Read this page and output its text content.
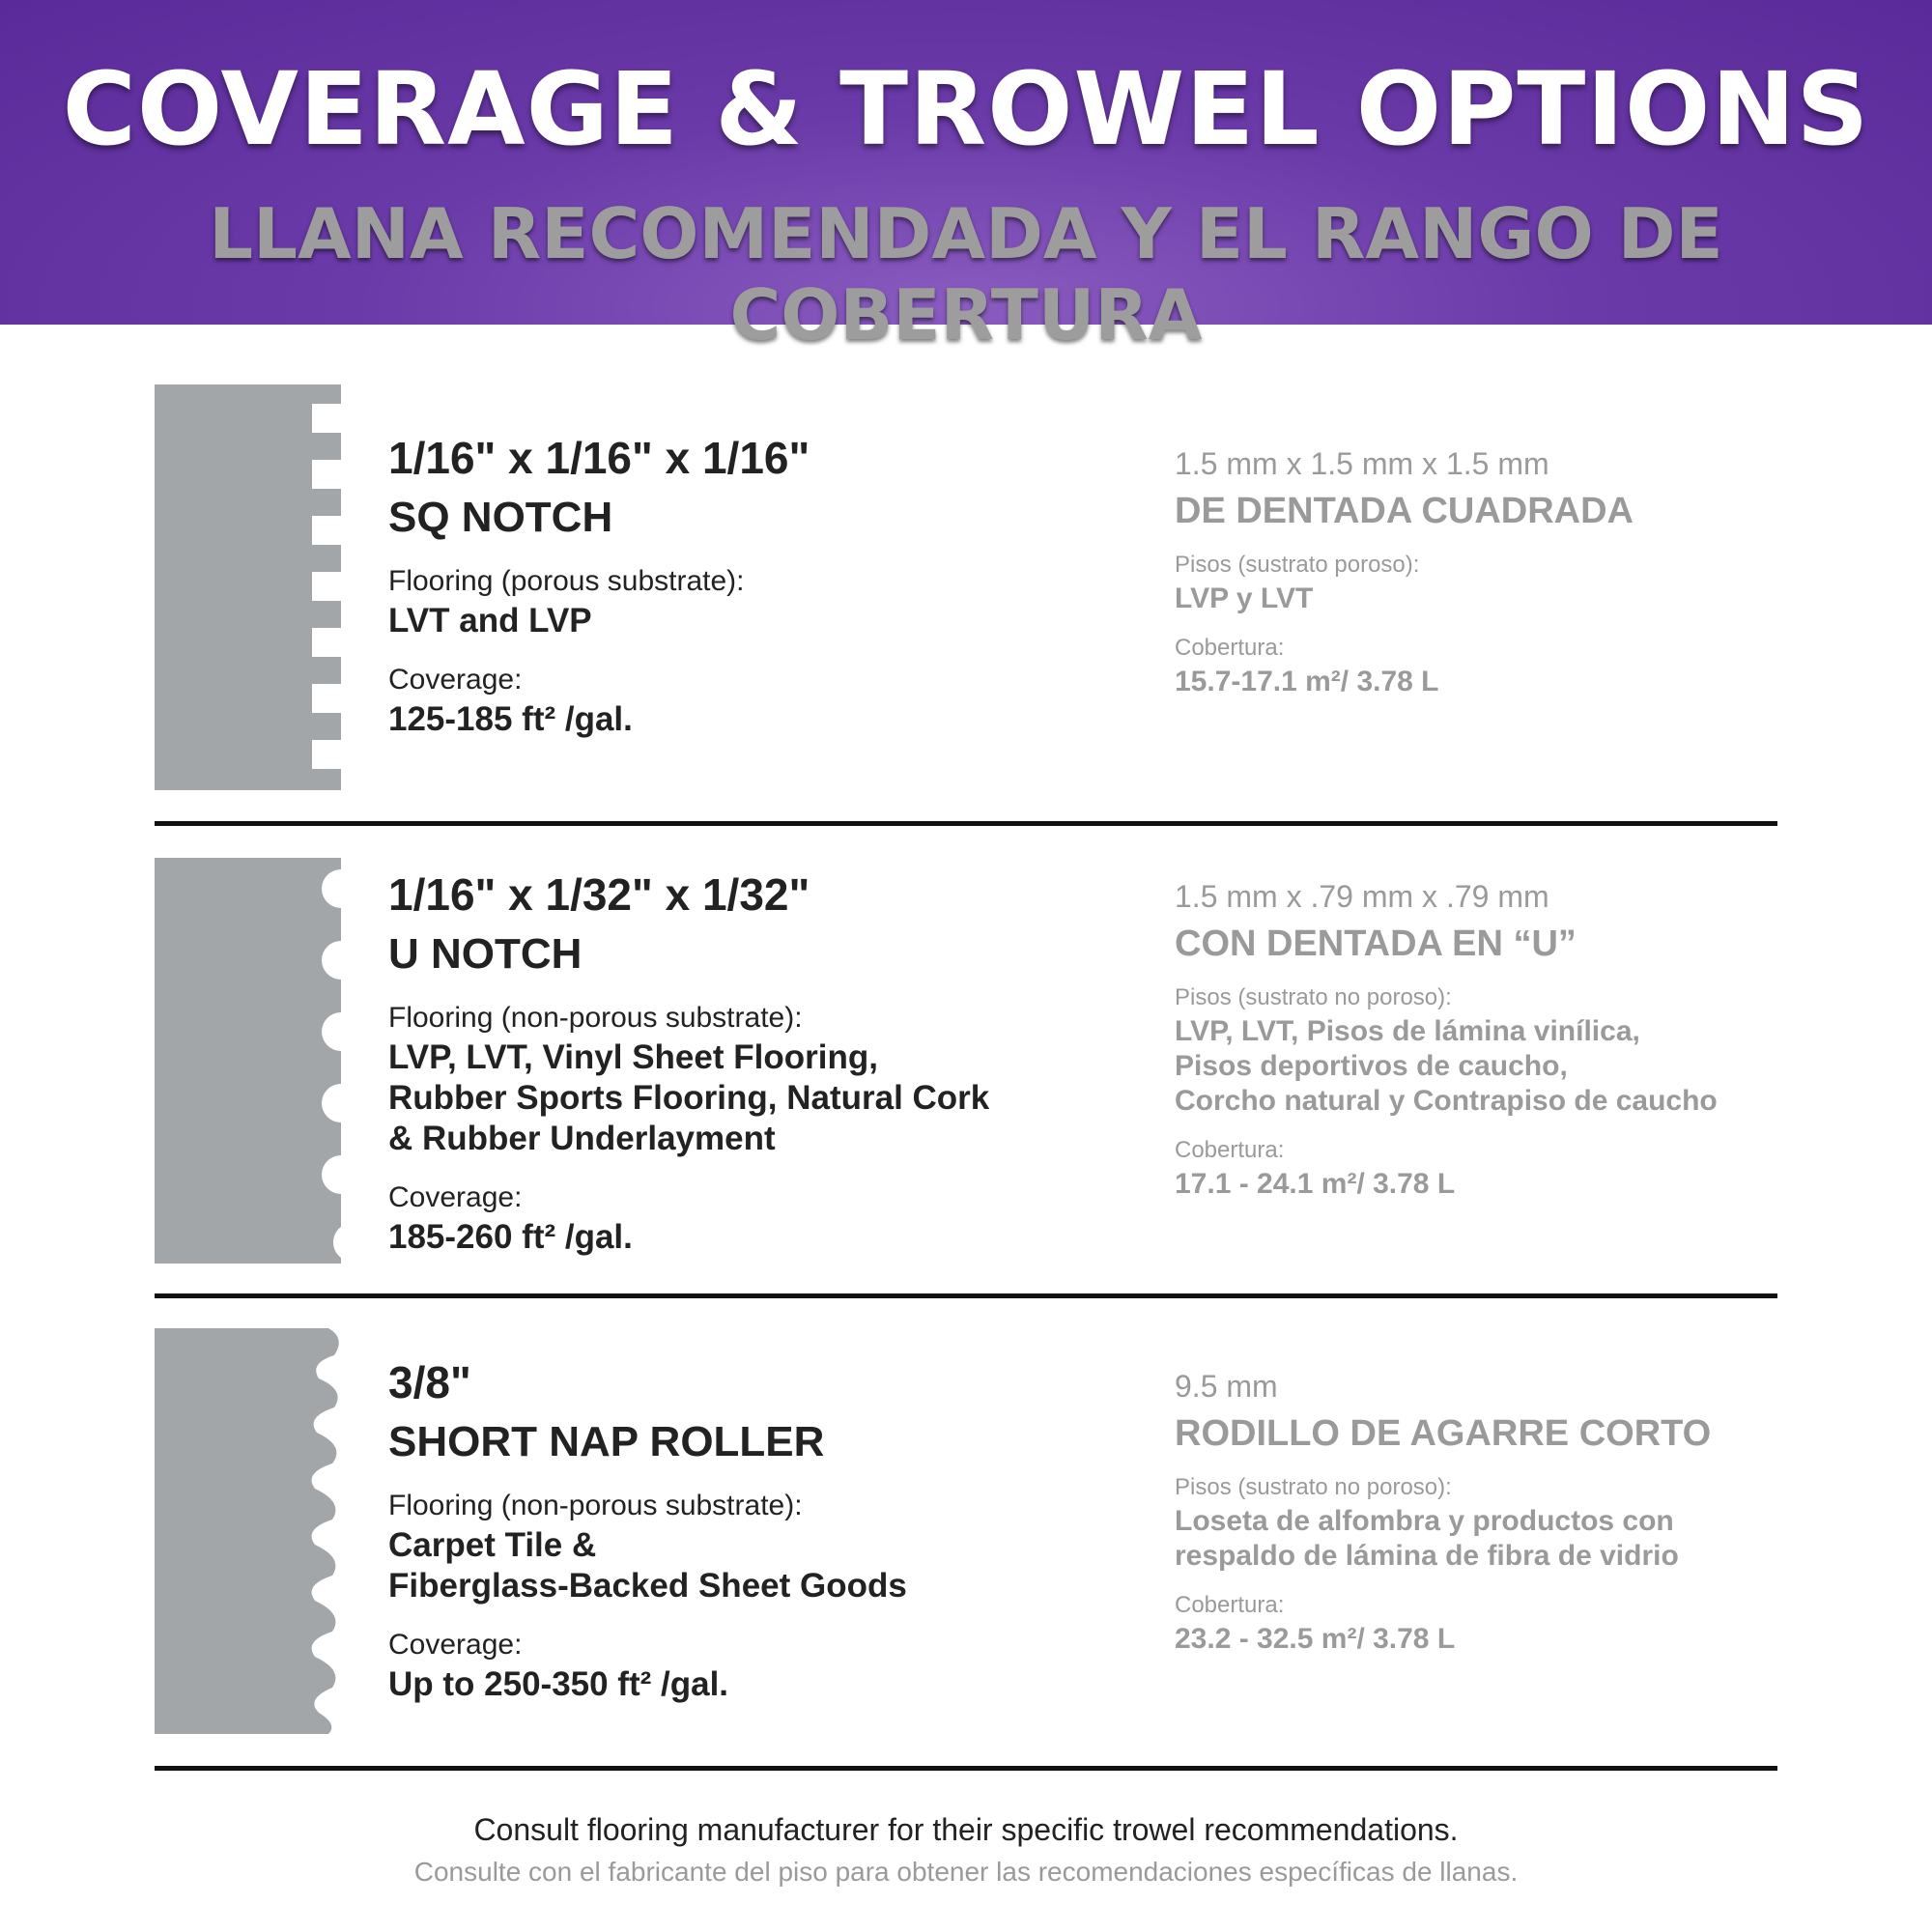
COVERAGE & TROWEL OPTIONS
LLANA RECOMENDADA Y EL RANGO DE COBERTURA
1/16" x 1/16" x 1/16"
SQ NOTCH
Flooring (porous substrate):
LVT and LVP
Coverage:
125-185 ft² /gal.
1.5 mm x 1.5 mm x 1.5 mm
DE DENTADA CUADRADA
Pisos (sustrato poroso):
LVP y LVT
Cobertura:
15.7-17.1 m²/ 3.78 L
1/16" x 1/32" x 1/32"
U NOTCH
Flooring (non-porous substrate):
LVP, LVT, Vinyl Sheet Flooring,
Rubber Sports Flooring, Natural Cork
& Rubber Underlayment
Coverage:
185-260 ft² /gal.
1.5 mm x .79 mm x .79 mm
CON DENTADA EN “U”
Pisos (sustrato no poroso):
LVP, LVT, Pisos de lámina vinílica,
Pisos deportivos de caucho,
Corcho natural y Contrapiso de caucho
Cobertura:
17.1 - 24.1 m²/ 3.78 L
3/8"
SHORT NAP ROLLER
Flooring (non-porous substrate):
Carpet Tile &
Fiberglass-Backed Sheet Goods
Coverage:
Up to 250-350 ft² /gal.
9.5 mm
RODILLO DE AGARRE CORTO
Pisos (sustrato no poroso):
Loseta de alfombra y productos con
respaldo de lámina de fibra de vidrio
Cobertura:
23.2 - 32.5 m²/ 3.78 L
Consult flooring manufacturer for their specific trowel recommendations.
Consulte con el fabricante del piso para obtener las recomendaciones específicas de llanas.
